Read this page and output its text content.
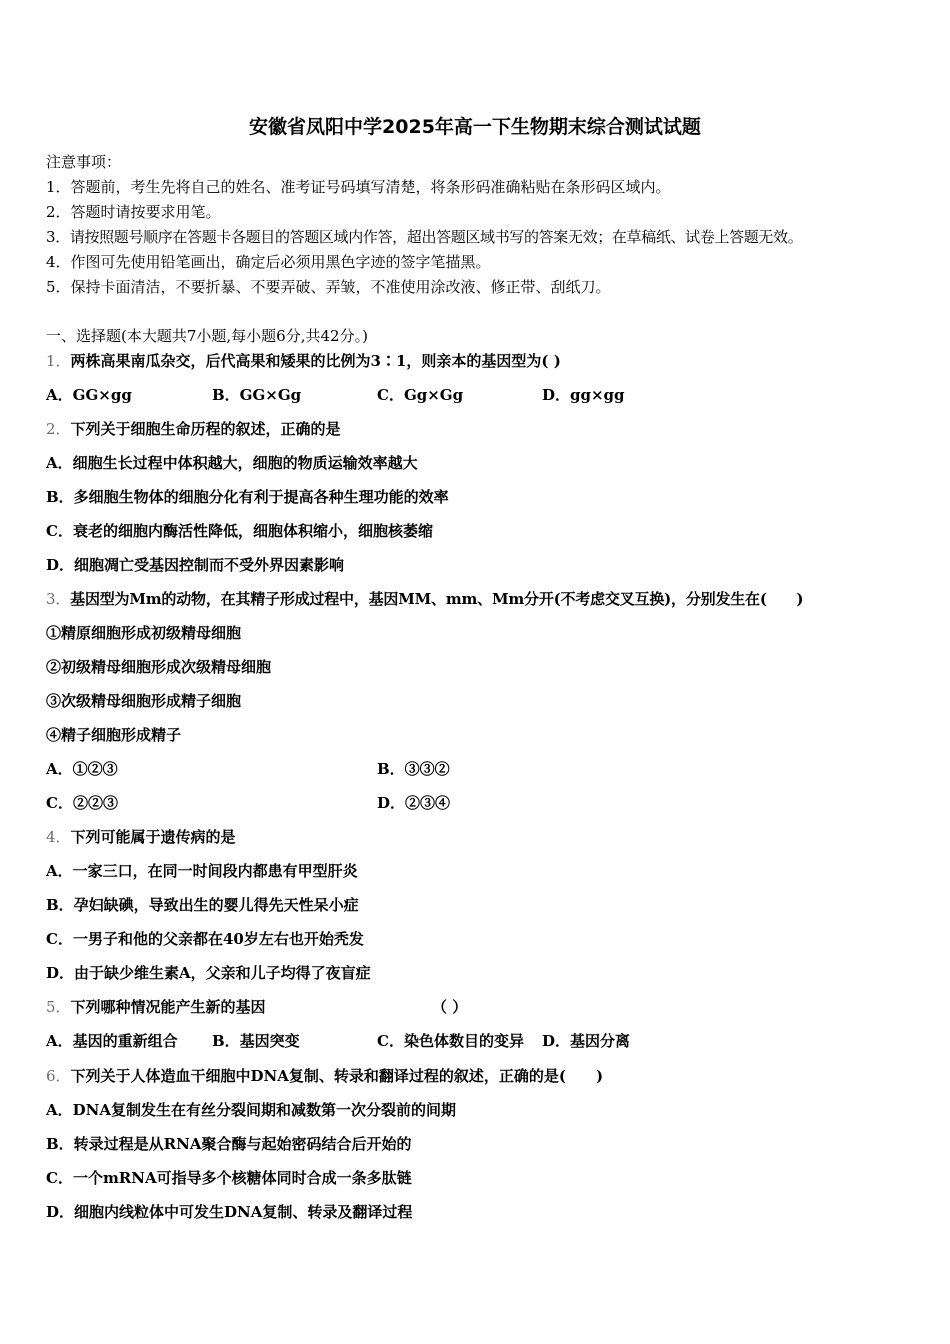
安徽省凤阳中学2025年高一下生物期末综合测试试题
注意事项：
1．答题前，考生先将自己的姓名、准考证号码填写清楚，将条形码准确粘贴在条形码区域内。
2．答题时请按要求用笔。
3．请按照题号顺序在答题卡各题目的答题区域内作答，超出答题区域书写的答案无效；在草稿纸、试卷上答题无效。
4．作图可先使用铅笔画出，确定后必须用黑色字迹的签字笔描黑。
5．保持卡面清洁，不要折暴、不要弄破、弄皱，不准使用涂改液、修正带、刮纸刀。
一、选择题(本大题共7小题,每小题6分,共42分。)
1．两株高果南瓜杂交，后代高果和矮果的比例为3∶1，则亲本的基因型为( )
A．GG×gg	B．GG×Gg	C．Gg×Gg	D．gg×gg
2．下列关于细胞生命历程的叙述，正确的是
A．细胞生长过程中体积越大，细胞的物质运输效率越大
B．多细胞生物体的细胞分化有利于提高各种生理功能的效率
C．衰老的细胞内酶活性降低，细胞体积缩小，细胞核萎缩
D．细胞凋亡受基因控制而不受外界因素影响
3．基因型为Mm的动物，在其精子形成过程中，基因MM、mm、Mm分开(不考虑交叉互换)，分别发生在(　　)
①精原细胞形成初级精母细胞
②初级精母细胞形成次级精母细胞
③次级精母细胞形成精子细胞
④精子细胞形成精子
A．①②③	B．③③②
C．②②③	D．②③④
4．下列可能属于遗传病的是
A．一家三口，在同一时间段内都患有甲型肝炎
B．孕妇缺碘，导致出生的婴儿得先天性呆小症
C．一男子和他的父亲都在40岁左右也开始秃发
D．由于缺少维生素A，父亲和儿子均得了夜盲症
5．下列哪种情况能产生新的基因	（ ）
A．基因的重新组合 B．基因突变	C．染色体数目的变异 D．基因分离
6．下列关于人体造血干细胞中DNA复制、转录和翻译过程的叙述，正确的是(　　)
A．DNA复制发生在有丝分裂间期和减数第一次分裂前的间期
B．转录过程是从RNA聚合酶与起始密码结合后开始的
C．一个mRNA可指导多个核糖体同时合成一条多肽链
D．细胞内线粒体中可发生DNA复制、转录及翻译过程
